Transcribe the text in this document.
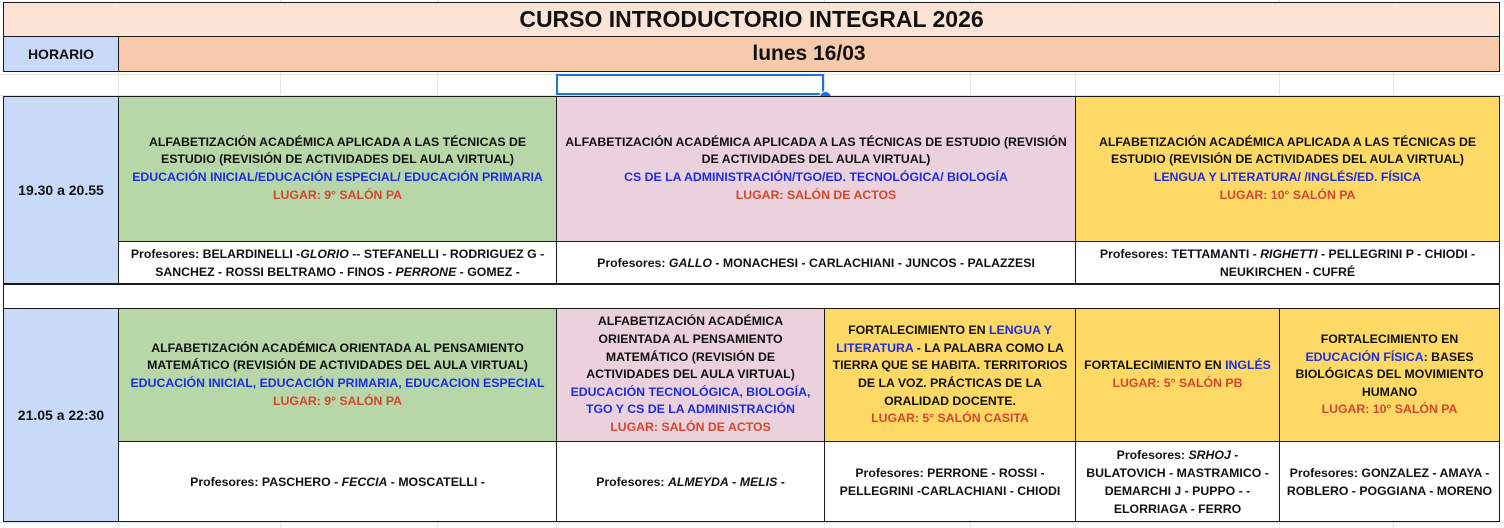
CURSO INTRODUCTORIO INTEGRAL 2026
HORARIO	lunes 16/03
19.30 a 20.55
ALFABETIZACIÓN ACADÉMICA APLICADA A LAS TÉCNICAS DE ESTUDIO (REVISIÓN DE ACTIVIDADES DEL AULA VIRTUAL)
EDUCACIÓN INICIAL/EDUCACIÓN ESPECIAL/ EDUCACIÓN PRIMARIA
LUGAR: 9° SALÓN PA
ALFABETIZACIÓN ACADÉMICA APLICADA A LAS TÉCNICAS DE ESTUDIO (REVISIÓN DE ACTIVIDADES DEL AULA VIRTUAL)
CS DE LA ADMINISTRACIÓN/TGO/ED. TECNOLÓGICA/ BIOLOGÍA
LUGAR: SALÓN DE ACTOS
ALFABETIZACIÓN ACADÉMICA APLICADA A LAS TÉCNICAS DE ESTUDIO (REVISIÓN DE ACTIVIDADES DEL AULA VIRTUAL)
LENGUA Y LITERATURA/ /INGLÉS/ED. FÍSICA
LUGAR: 10° SALÓN PA
Profesores: BELARDINELLI -GLORIO -- STEFANELLI - RODRIGUEZ G - SANCHEZ - ROSSI BELTRAMO - FINOS - PERRONE - GOMEZ -
Profesores: GALLO - MONACHESI - CARLACHIANI - JUNCOS - PALAZZESI
Profesores: TETTAMANTI - RIGHETTI - PELLEGRINI P - CHIODI - NEUKIRCHEN - CUFRÉ
21.05 a 22:30
ALFABETIZACIÓN ACADÉMICA ORIENTADA AL PENSAMIENTO MATEMÁTICO (REVISIÓN DE ACTIVIDADES DEL AULA VIRTUAL)
EDUCACIÓN INICIAL, EDUCACIÓN PRIMARIA, EDUCACION ESPECIAL
LUGAR: 9° SALÓN PA
ALFABETIZACIÓN ACADÉMICA ORIENTADA AL PENSAMIENTO MATEMÁTICO (REVISIÓN DE ACTIVIDADES DEL AULA VIRTUAL)
EDUCACIÓN TECNOLÓGICA, BIOLOGÍA, TGO Y CS DE LA ADMINISTRACIÓN
LUGAR: SALÓN DE ACTOS
FORTALECIMIENTO EN LENGUA Y LITERATURA - LA PALABRA COMO LA TIERRA QUE SE HABITA. TERRITORIOS DE LA VOZ. PRÁCTICAS DE LA ORALIDAD DOCENTE.
LUGAR: 5° SALÓN CASITA
FORTALECIMIENTO EN INGLÉS
LUGAR: 5° SALÓN PB
FORTALECIMIENTO EN EDUCACIÓN FÍSICA: BASES BIOLÓGICAS DEL MOVIMIENTO HUMANO
LUGAR: 10° SALÓN PA
Profesores: PASCHERO - FECCIA - MOSCATELLI -	Profesores: ALMEYDA - MELIS -
Profesores: PERRONE - ROSSI - PELLEGRINI -CARLACHIANI - CHIODI
Profesores: SRHOJ - BULATOVICH - MASTRAMICO - DEMARCHI J - PUPPO - - ELORRIAGA - FERRO
Profesores: GONZALEZ - AMAYA - ROBLERO - POGGIANA - MORENO
